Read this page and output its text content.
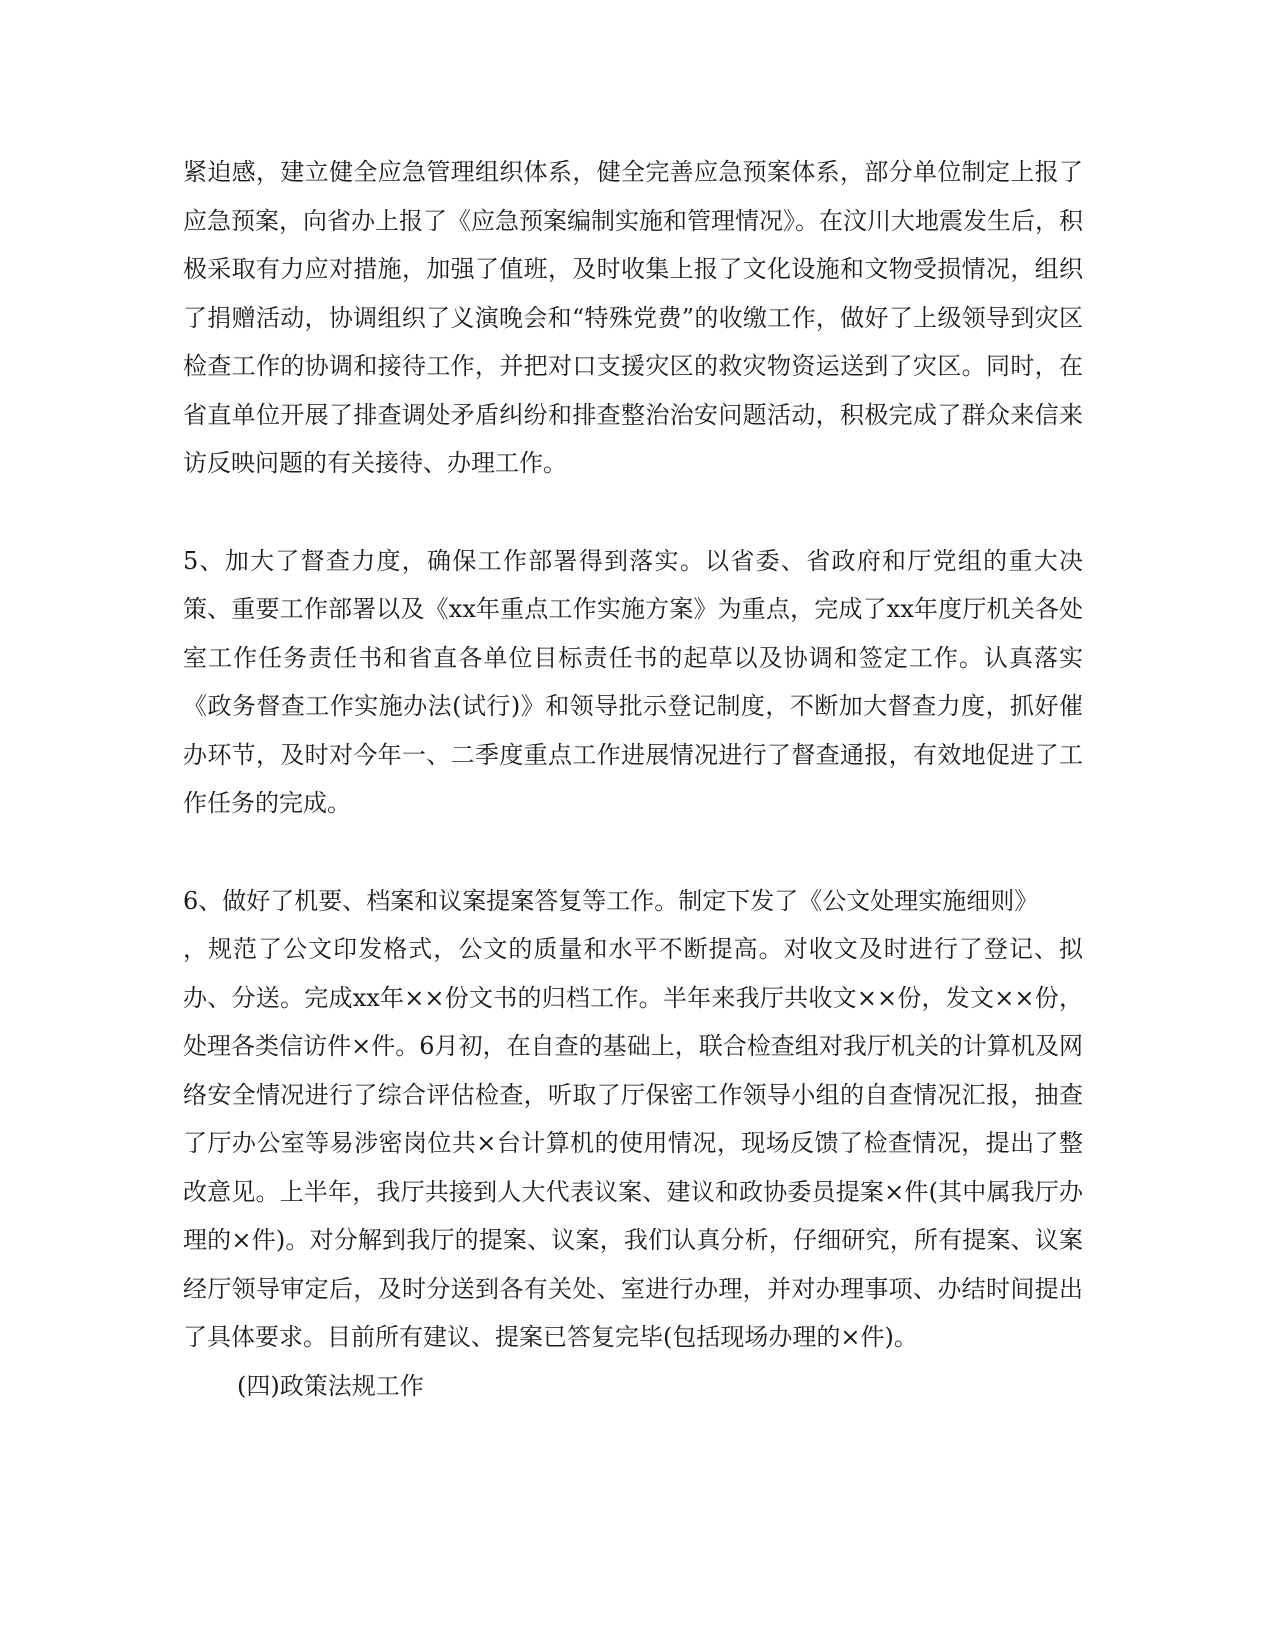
紧迫感，建立健全应急管理组织体系，健全完善应急预案体系，部分单位制定上报了应急预案，向省办上报了《应急预案编制实施和管理情况》。在汶川大地震发生后，积极采取有力应对措施，加强了值班，及时收集上报了文化设施和文物受损情况，组织了捐赠活动，协调组织了义演晚会和“特殊党费”的收缴工作，做好了上级领导到灾区检查工作的协调和接待工作，并把对口支援灾区的救灾物资运送到了灾区。同时，在省直单位开展了排查调处矛盾纠纷和排查整治治安问题活动，积极完成了群众来信来访反映问题的有关接待、办理工作。

5、加大了督查力度，确保工作部署得到落实。以省委、省政府和厅党组的重大决策、重要工作部署以及《xx年重点工作实施方案》为重点，完成了xx年度厅机关各处室工作任务责任书和省直各单位目标责任书的起草以及协调和签定工作。认真落实《政务督查工作实施办法(试行)》和领导批示登记制度，不断加大督查力度，抓好催办环节，及时对今年一、二季度重点工作进展情况进行了督查通报，有效地促进了工作任务的完成。

6、做好了机要、档案和议案提案答复等工作。制定下发了《公文处理实施细则》

，规范了公文印发格式，公文的质量和水平不断提高。对收文及时进行了登记、拟办、分送。完成xx年××份文书的归档工作。半年来我厅共收文××份，发文××份，处理各类信访件×件。6月初，在自查的基础上，联合检查组对我厅机关的计算机及网络安全情况进行了综合评估检查，听取了厅保密工作领导小组的自查情况汇报，抽查了厅办公室等易涉密岗位共×台计算机的使用情况，现场反馈了检查情况，提出了整改意见。上半年，我厅共接到人大代表议案、建议和政协委员提案×件(其中属我厅办理的×件)。对分解到我厅的提案、议案，我们认真分析，仔细研究，所有提案、议案经厅领导审定后，及时分送到各有关处、室进行办理，并对办理事项、办结时间提出了具体要求。目前所有建议、提案已答复完毕(包括现场办理的×件)。

(四)政策法规工作
